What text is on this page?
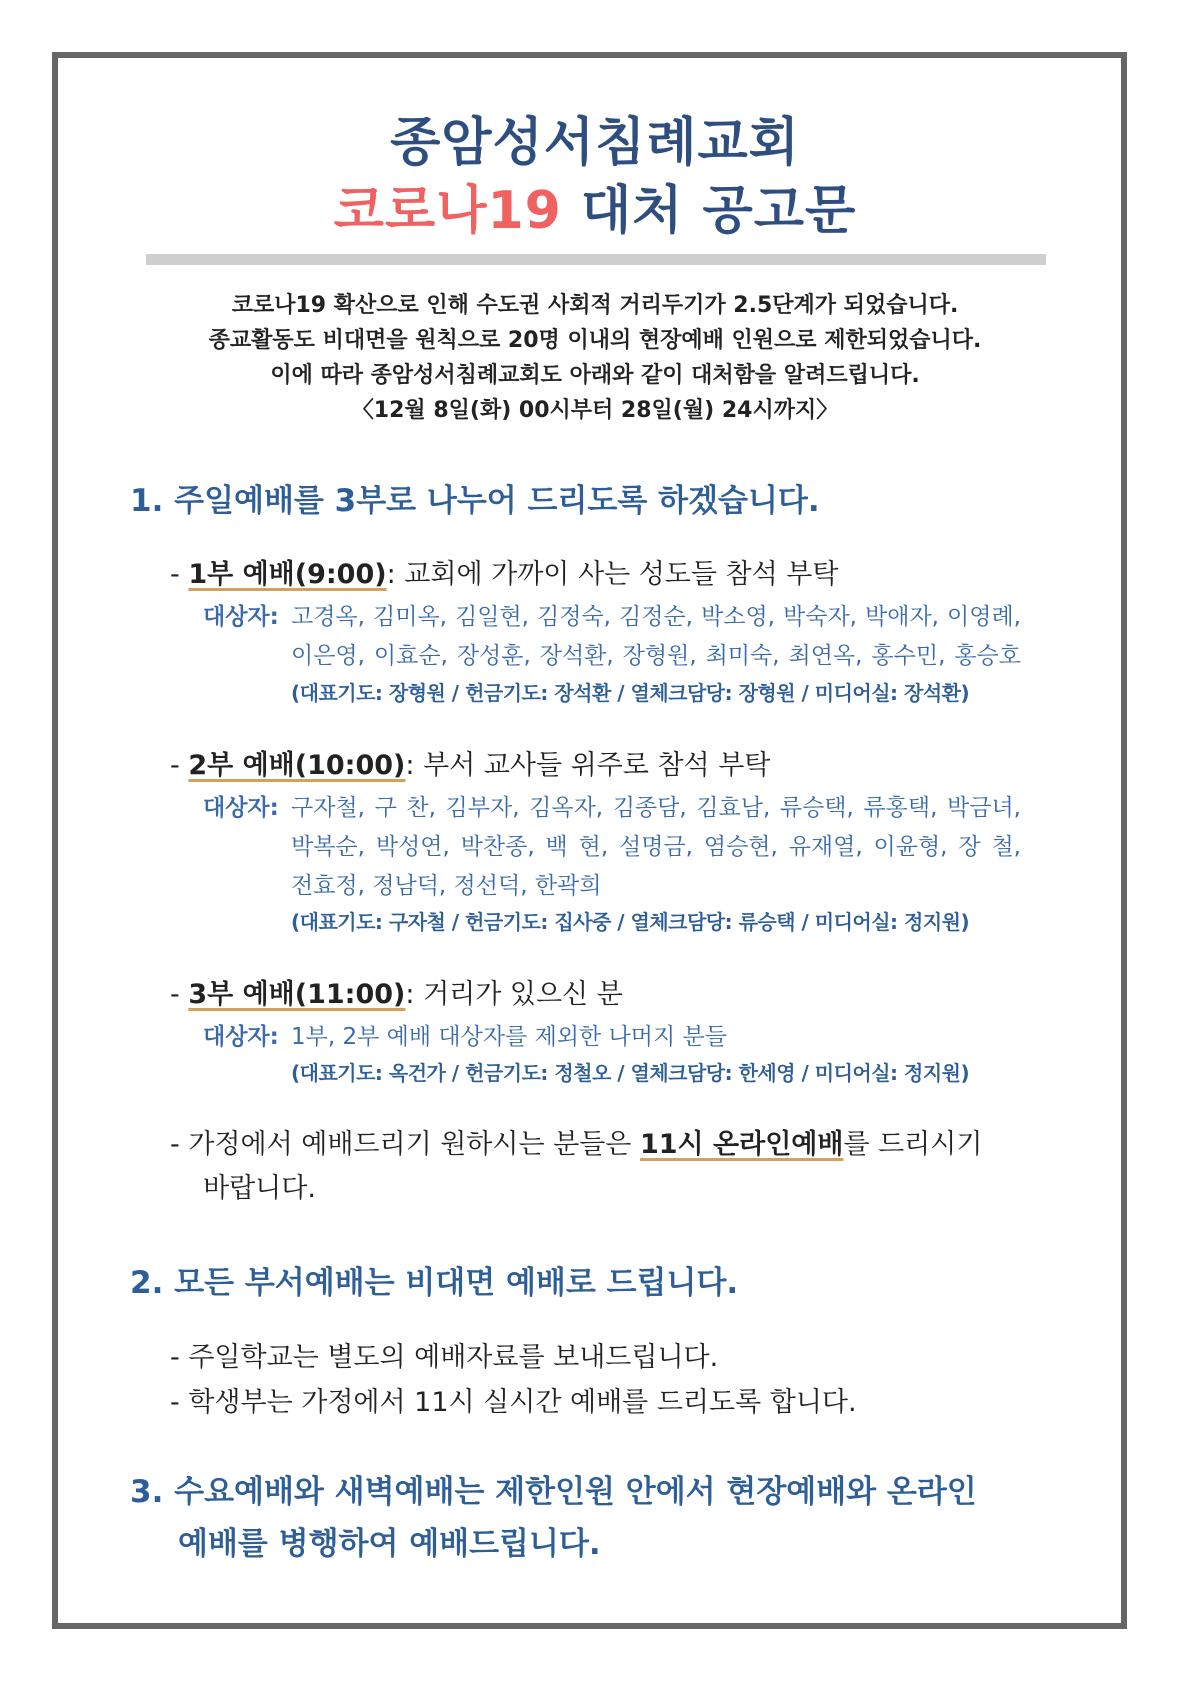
종암성서침례교회
코로나19 대처 공고문
코로나19 확산으로 인해 수도권 사회적 거리두기가 2.5단계가 되었습니다.
종교활동도 비대면을 원칙으로 20명 이내의 현장예배 인원으로 제한되었습니다.
이에 따라 종암성서침례교회도 아래와 같이 대처함을 알려드립니다.
〈12월 8일(화) 00시부터 28일(월) 24시까지〉
1. 주일예배를 3부로 나누어 드리도록 하겠습니다.
- 1부 예배(9:00): 교회에 가까이 사는 성도들 참석 부탁
대상자: 고경옥, 김미옥, 김일현, 김정숙, 김정순, 박소영, 박숙자, 박애자, 이영례,
이은영, 이효순, 장성훈, 장석환, 장형원, 최미숙, 최연옥, 홍수민, 홍승호
(대표기도: 장형원 / 헌금기도: 장석환 / 열체크담당: 장형원 / 미디어실: 장석환)
- 2부 예배(10:00): 부서 교사들 위주로 참석 부탁
대상자: 구자철, 구 찬, 김부자, 김옥자, 김종담, 김효남, 류승택, 류홍택, 박금녀,
박복순, 박성연, 박찬종, 백 현, 설명금, 염승현, 유재열, 이윤형, 장 철,
전효정, 정남덕, 정선덕, 한곽희
(대표기도: 구자철 / 헌금기도: 집사중 / 열체크담당: 류승택 / 미디어실: 정지원)
- 3부 예배(11:00): 거리가 있으신 분
대상자: 1부, 2부 예배 대상자를 제외한 나머지 분들
(대표기도: 옥건가 / 헌금기도: 정철오 / 열체크담당: 한세영 / 미디어실: 정지원)
- 가정에서 예배드리기 원하시는 분들은 11시 온라인예배를 드리시기
바랍니다.
2. 모든 부서예배는 비대면 예배로 드립니다.
- 주일학교는 별도의 예배자료를 보내드립니다.
- 학생부는 가정에서 11시 실시간 예배를 드리도록 합니다.
3. 수요예배와 새벽예배는 제한인원 안에서 현장예배와 온라인
예배를 병행하여 예배드립니다.
